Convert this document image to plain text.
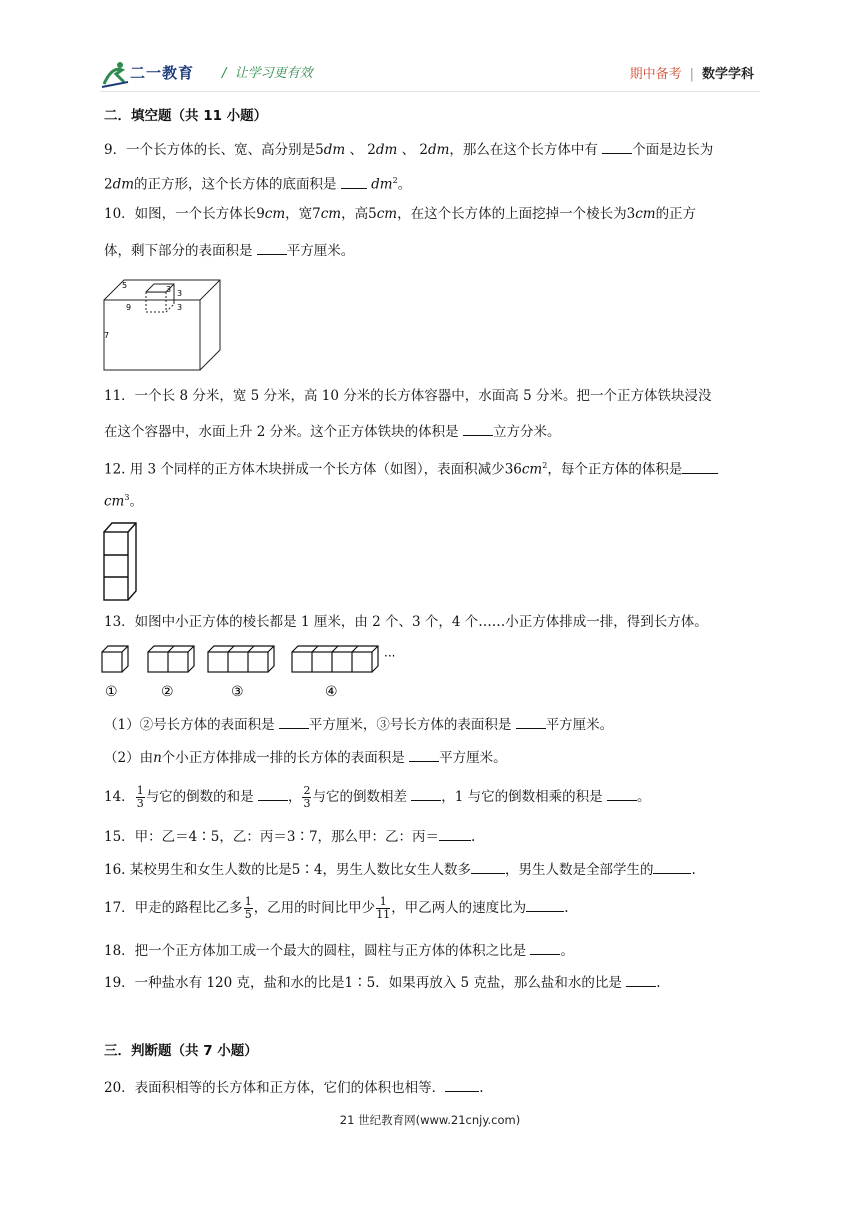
二一教育 /  让学习更有效	期中备考 | 数学学科
二．填空题（共 11 小题）
9．一个长方体的长、宽、高分别是5dm 、 2dm 、 2dm，那么在这个长方体中有	个面是边长为
2dm的正方形，这个长方体的底面积是	$dm^2$。
10．如图，一个长方体长9cm，宽7cm，高5cm，在这个长方体的上面挖掉一个棱长为3cm的正方
体，剩下部分的表面积是	平方厘米。
5
9
7
3 3
3
11．一个长 8 分米，宽 5 分米，高 10 分米的长方体容器中，水面高 5 分米。把一个正方体铁块浸没
在这个容器中，水面上升 2 分米。这个正方体铁块的体积是	立方分米。
12. 用 3 个同样的正方体木块拼成一个长方体（如图），表面积减少$36cm^2$，每个正方体的体积是
$cm^3$。
13．如图中小正方体的棱长都是 1 厘米，由 2 个、3 个，4 个……小正方体排成一排，得到长方体。
···
①	②	③	④
（1）②号长方体的表面积是	平方厘米，③号长方体的表面积是	平方厘米。
（2）由n个小正方体排成一排的长方体的表面积是	平方厘米。
14． $\frac{1}{3}$ 与它的倒数的和是	， $\frac{2}{3}$ 与它的倒数相差	，1 与它的倒数相乘的积是	。
15．甲：乙＝4∶5，乙：丙＝3∶7，那么甲：乙：丙＝ .
16. 某校男生和女生人数的比是5∶4，男生人数比女生人数多	，男生人数是全部学生的	.
17．甲走的路程比乙多 $\frac{1}{5}$ ，乙用的时间比甲少 $\frac{1}{11}$ ，甲乙两人的速度比为	.
18．把一个正方体加工成一个最大的圆柱，圆柱与正方体的体积之比是	。
19．一种盐水有 120 克，盐和水的比是1∶5．如果再放入 5 克盐，那么盐和水的比是	.
三．判断题（共 7 小题）
20．表面积相等的长方体和正方体，它们的体积也相等．	.
21 世纪教育网(www.21cnjy.com)
